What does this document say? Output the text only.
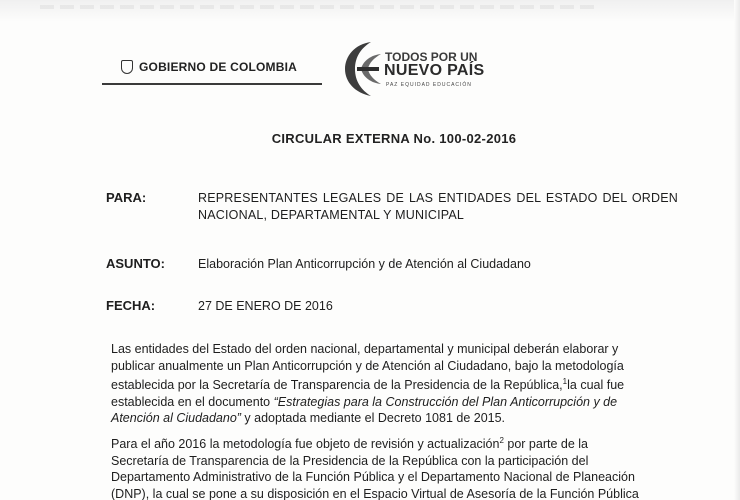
GOBIERNO DE COLOMBIA
TODOS POR UN
NUEVO PAÍS
PAZ EQUIDAD EDUCACIÓN
CIRCULAR EXTERNA No. 100-02-2016
PARA:	REPRESENTANTES LEGALES DE LAS ENTIDADES DEL ESTADO DEL ORDEN NACIONAL, DEPARTAMENTAL Y MUNICIPAL
ASUNTO:	Elaboración Plan Anticorrupción y de Atención al Ciudadano
FECHA:	27 DE ENERO DE 2016
Las entidades del Estado del orden nacional, departamental y municipal deberán elaborar y
publicar anualmente un Plan Anticorrupción y de Atención al Ciudadano, bajo la metodología
establecida por la Secretaría de Transparencia de la Presidencia de la República,$^1$la cual fue
establecida en el documento “Estrategias para la Construcción del Plan Anticorrupción y de
Atención al Ciudadano” y adoptada mediante el Decreto 1081 de 2015.
Para el año 2016 la metodología fue objeto de revisión y actualización$^2$ por parte de la
Secretaría de Transparencia de la Presidencia de la República con la participación del
Departamento Administrativo de la Función Pública y el Departamento Nacional de Planeación
(DNP), la cual se pone a su disposición en el Espacio Virtual de Asesoría de la Función Pública
